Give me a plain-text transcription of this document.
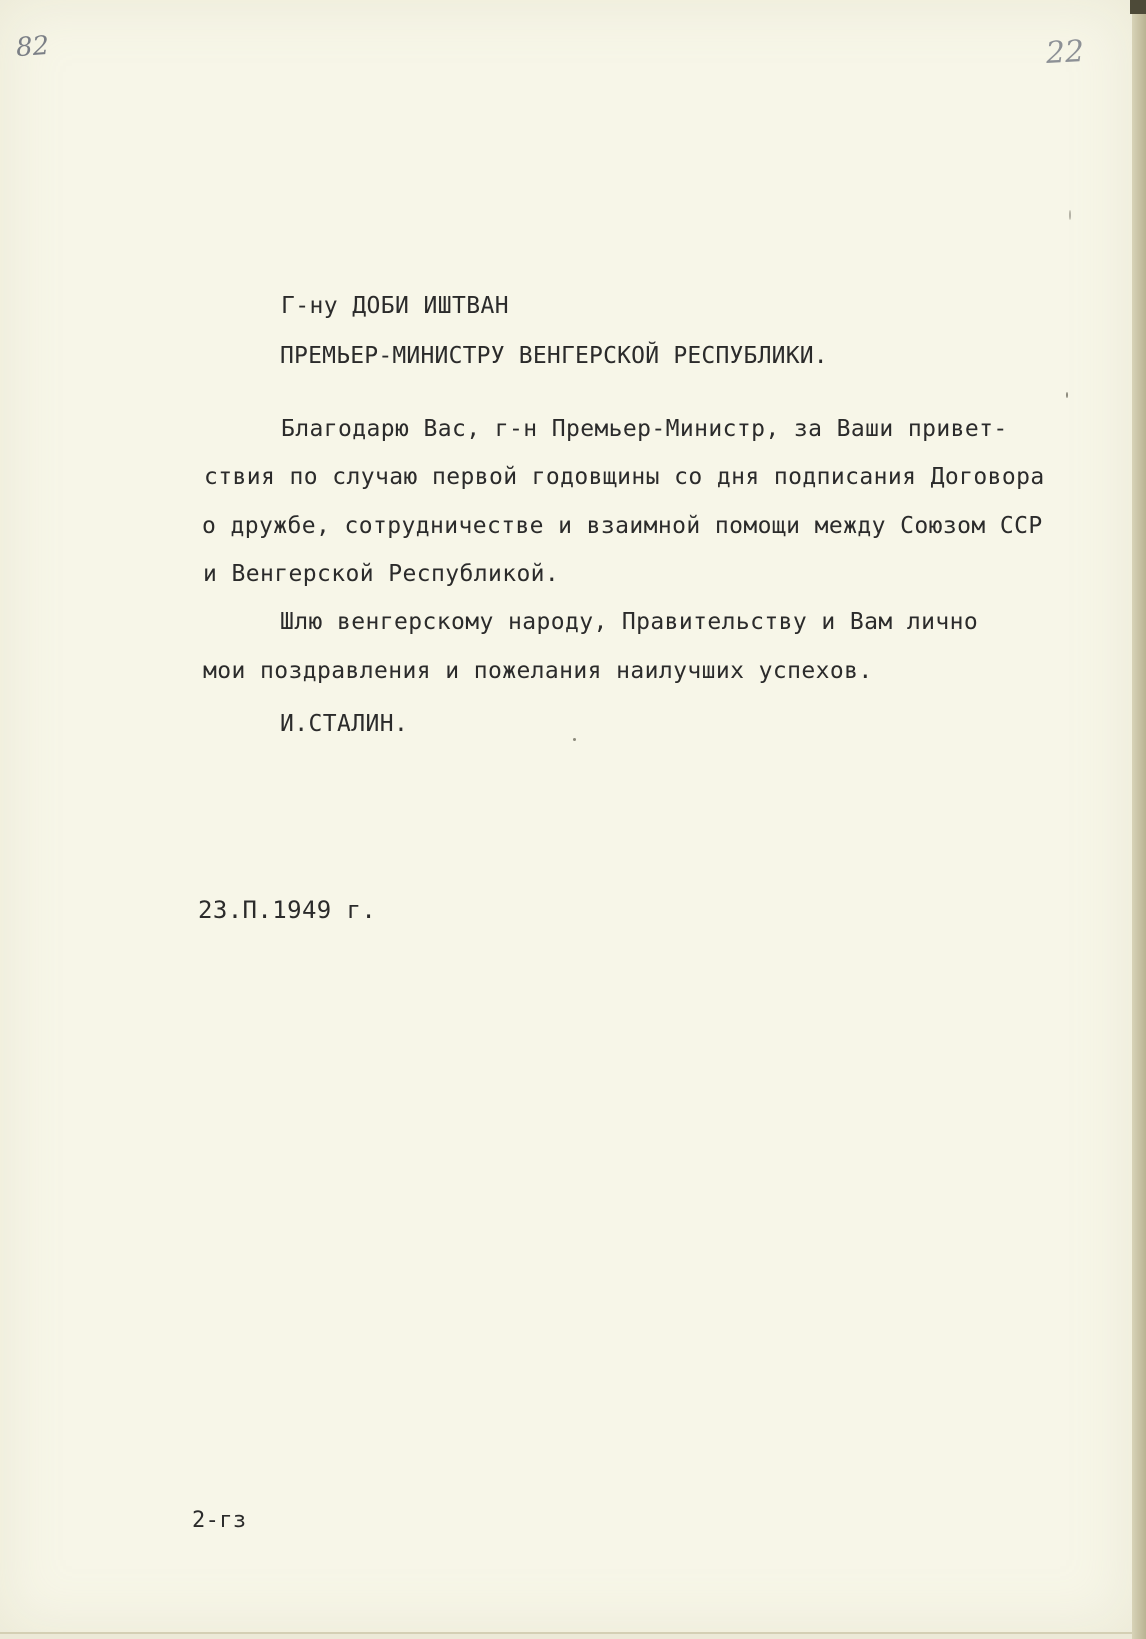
82	22
Г-ну ДОБИ ИШТВАН
ПРЕМЬЕР-МИНИСТРУ ВЕНГЕРСКОЙ РЕСПУБЛИКИ.
Благодарю Вас, г-н Премьер-Министр, за Ваши привет-
ствия по случаю первой годовщины со дня подписания Договора
о дружбе, сотрудничестве и взаимной помощи между Союзом ССР
и Венгерской Республикой.
Шлю венгерскому народу, Правительству и Вам лично
мои поздравления и пожелания наилучших успехов.
И.СТАЛИН.
23.П.1949 г.
2-гз
